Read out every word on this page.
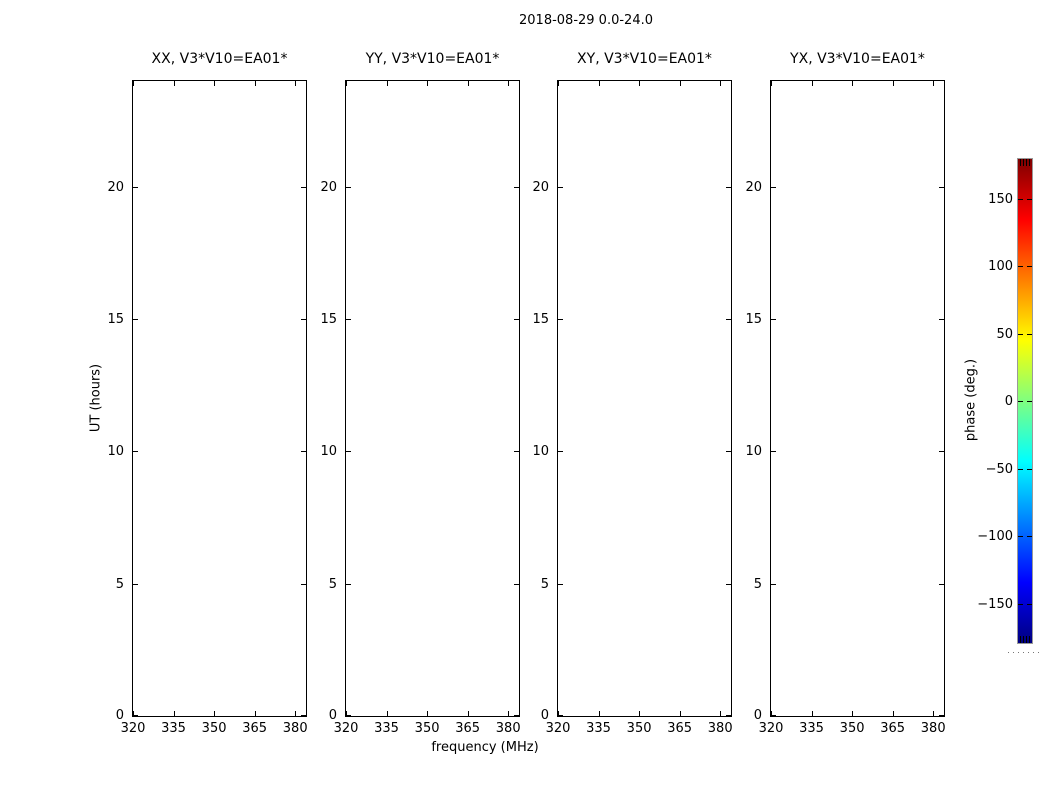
2018-08-29 0.0-24.0
UT (hours)
frequency (MHz)
XX, V3*V10=EA01*
320 335 350 365 380
0
5
10
15
20
YY, V3*V10=EA01*
320 335 350 365 380
0
5
10
15
20
XY, V3*V10=EA01*
320 335 350 365 380
0
5
10
15
20
YX, V3*V10=EA01*
320 335 350 365 380
0
5
10
15
20
phase (deg.)
150
100
50
0
−50
−100
−150
